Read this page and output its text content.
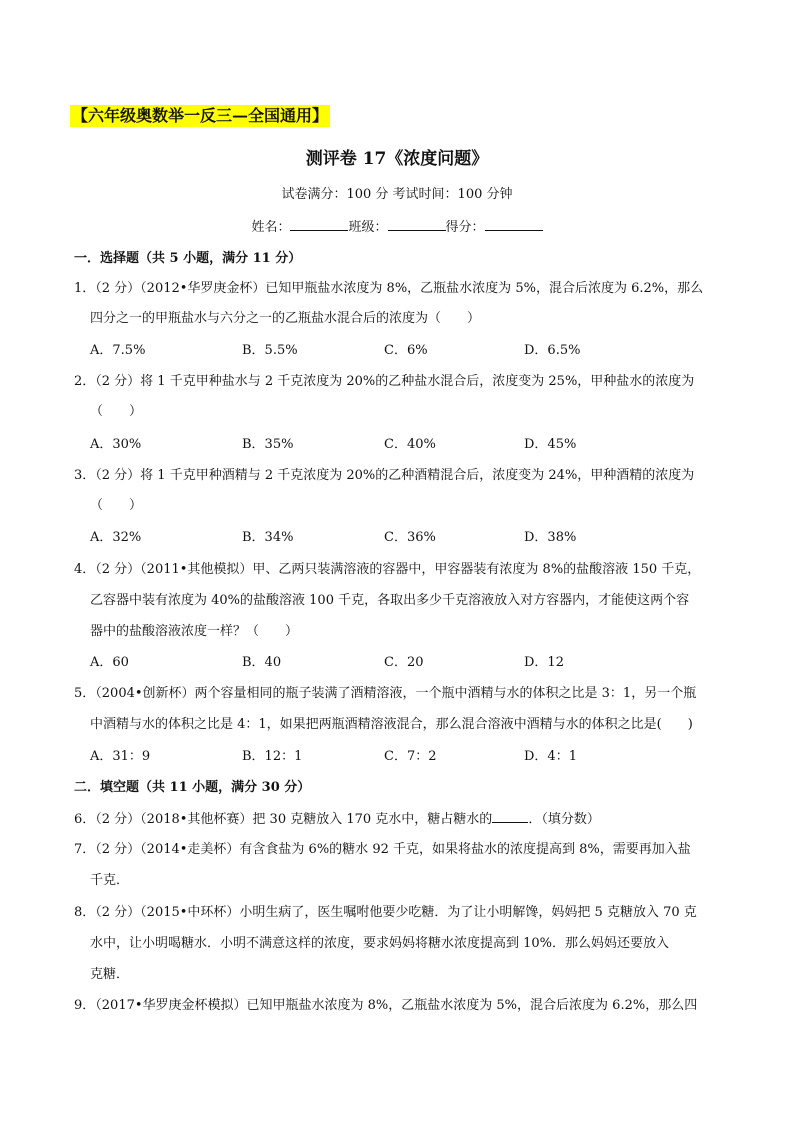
【六年级奥数举一反三—全国通用】
测评卷 17《浓度问题》
试卷满分：100 分 考试时间：100 分钟
姓名：	班级：	得分：
一．选择题（共 5 小题，满分 11 分）
1．（2 分）（2012•华罗庚金杯）已知甲瓶盐水浓度为 8%，乙瓶盐水浓度为 5%，混合后浓度为 6.2%，那么
四分之一的甲瓶盐水与六分之一的乙瓶盐水混合后的浓度为（　　）
A．7.5%	B．5.5%	C．6%	D．6.5%
2．（2 分）将 1 千克甲种盐水与 2 千克浓度为 20%的乙种盐水混合后，浓度变为 25%，甲种盐水的浓度为
（　　）
A．30%	B．35%	C．40%	D．45%
3．（2 分）将 1 千克甲种酒精与 2 千克浓度为 20%的乙种酒精混合后，浓度变为 24%，甲种酒精的浓度为
（　　）
A．32%	B．34%	C．36%	D．38%
4．（2 分）（2011•其他模拟）甲、乙两只装满溶液的容器中，甲容器装有浓度为 8%的盐酸溶液 150 千克，
乙容器中装有浓度为 40%的盐酸溶液 100 千克，各取出多少千克溶液放入对方容器内，才能使这两个容
器中的盐酸溶液浓度一样？（　　）
A．60	B．40	C．20	D．12
5．（2004•创新杯）两个容量相同的瓶子装满了酒精溶液，一个瓶中酒精与水的体积之比是 3：1，另一个瓶
中酒精与水的体积之比是 4：1，如果把两瓶酒精溶液混合，那么混合溶液中酒精与水的体积之比是(　　)
A．31：9	B．12：1	C．7：2	D．4：1
二．填空题（共 11 小题，满分 30 分）
6．（2 分）（2018•其他杯赛）把 30 克糖放入 170 克水中，糖占糖水的	．（填分数）
7．（2 分）（2014•走美杯）有含食盐为 6%的糖水 92 千克，如果将盐水的浓度提高到 8%，需要再加入盐
千克．
8．（2 分）（2015•中环杯）小明生病了，医生嘱咐他要少吃糖．为了让小明解馋，妈妈把 5 克糖放入 70 克
水中，让小明喝糖水．小明不满意这样的浓度，要求妈妈将糖水浓度提高到 10%．那么妈妈还要放入
克糖．
9．（2017•华罗庚金杯模拟）已知甲瓶盐水浓度为 8%，乙瓶盐水浓度为 5%，混合后浓度为 6.2%，那么四
